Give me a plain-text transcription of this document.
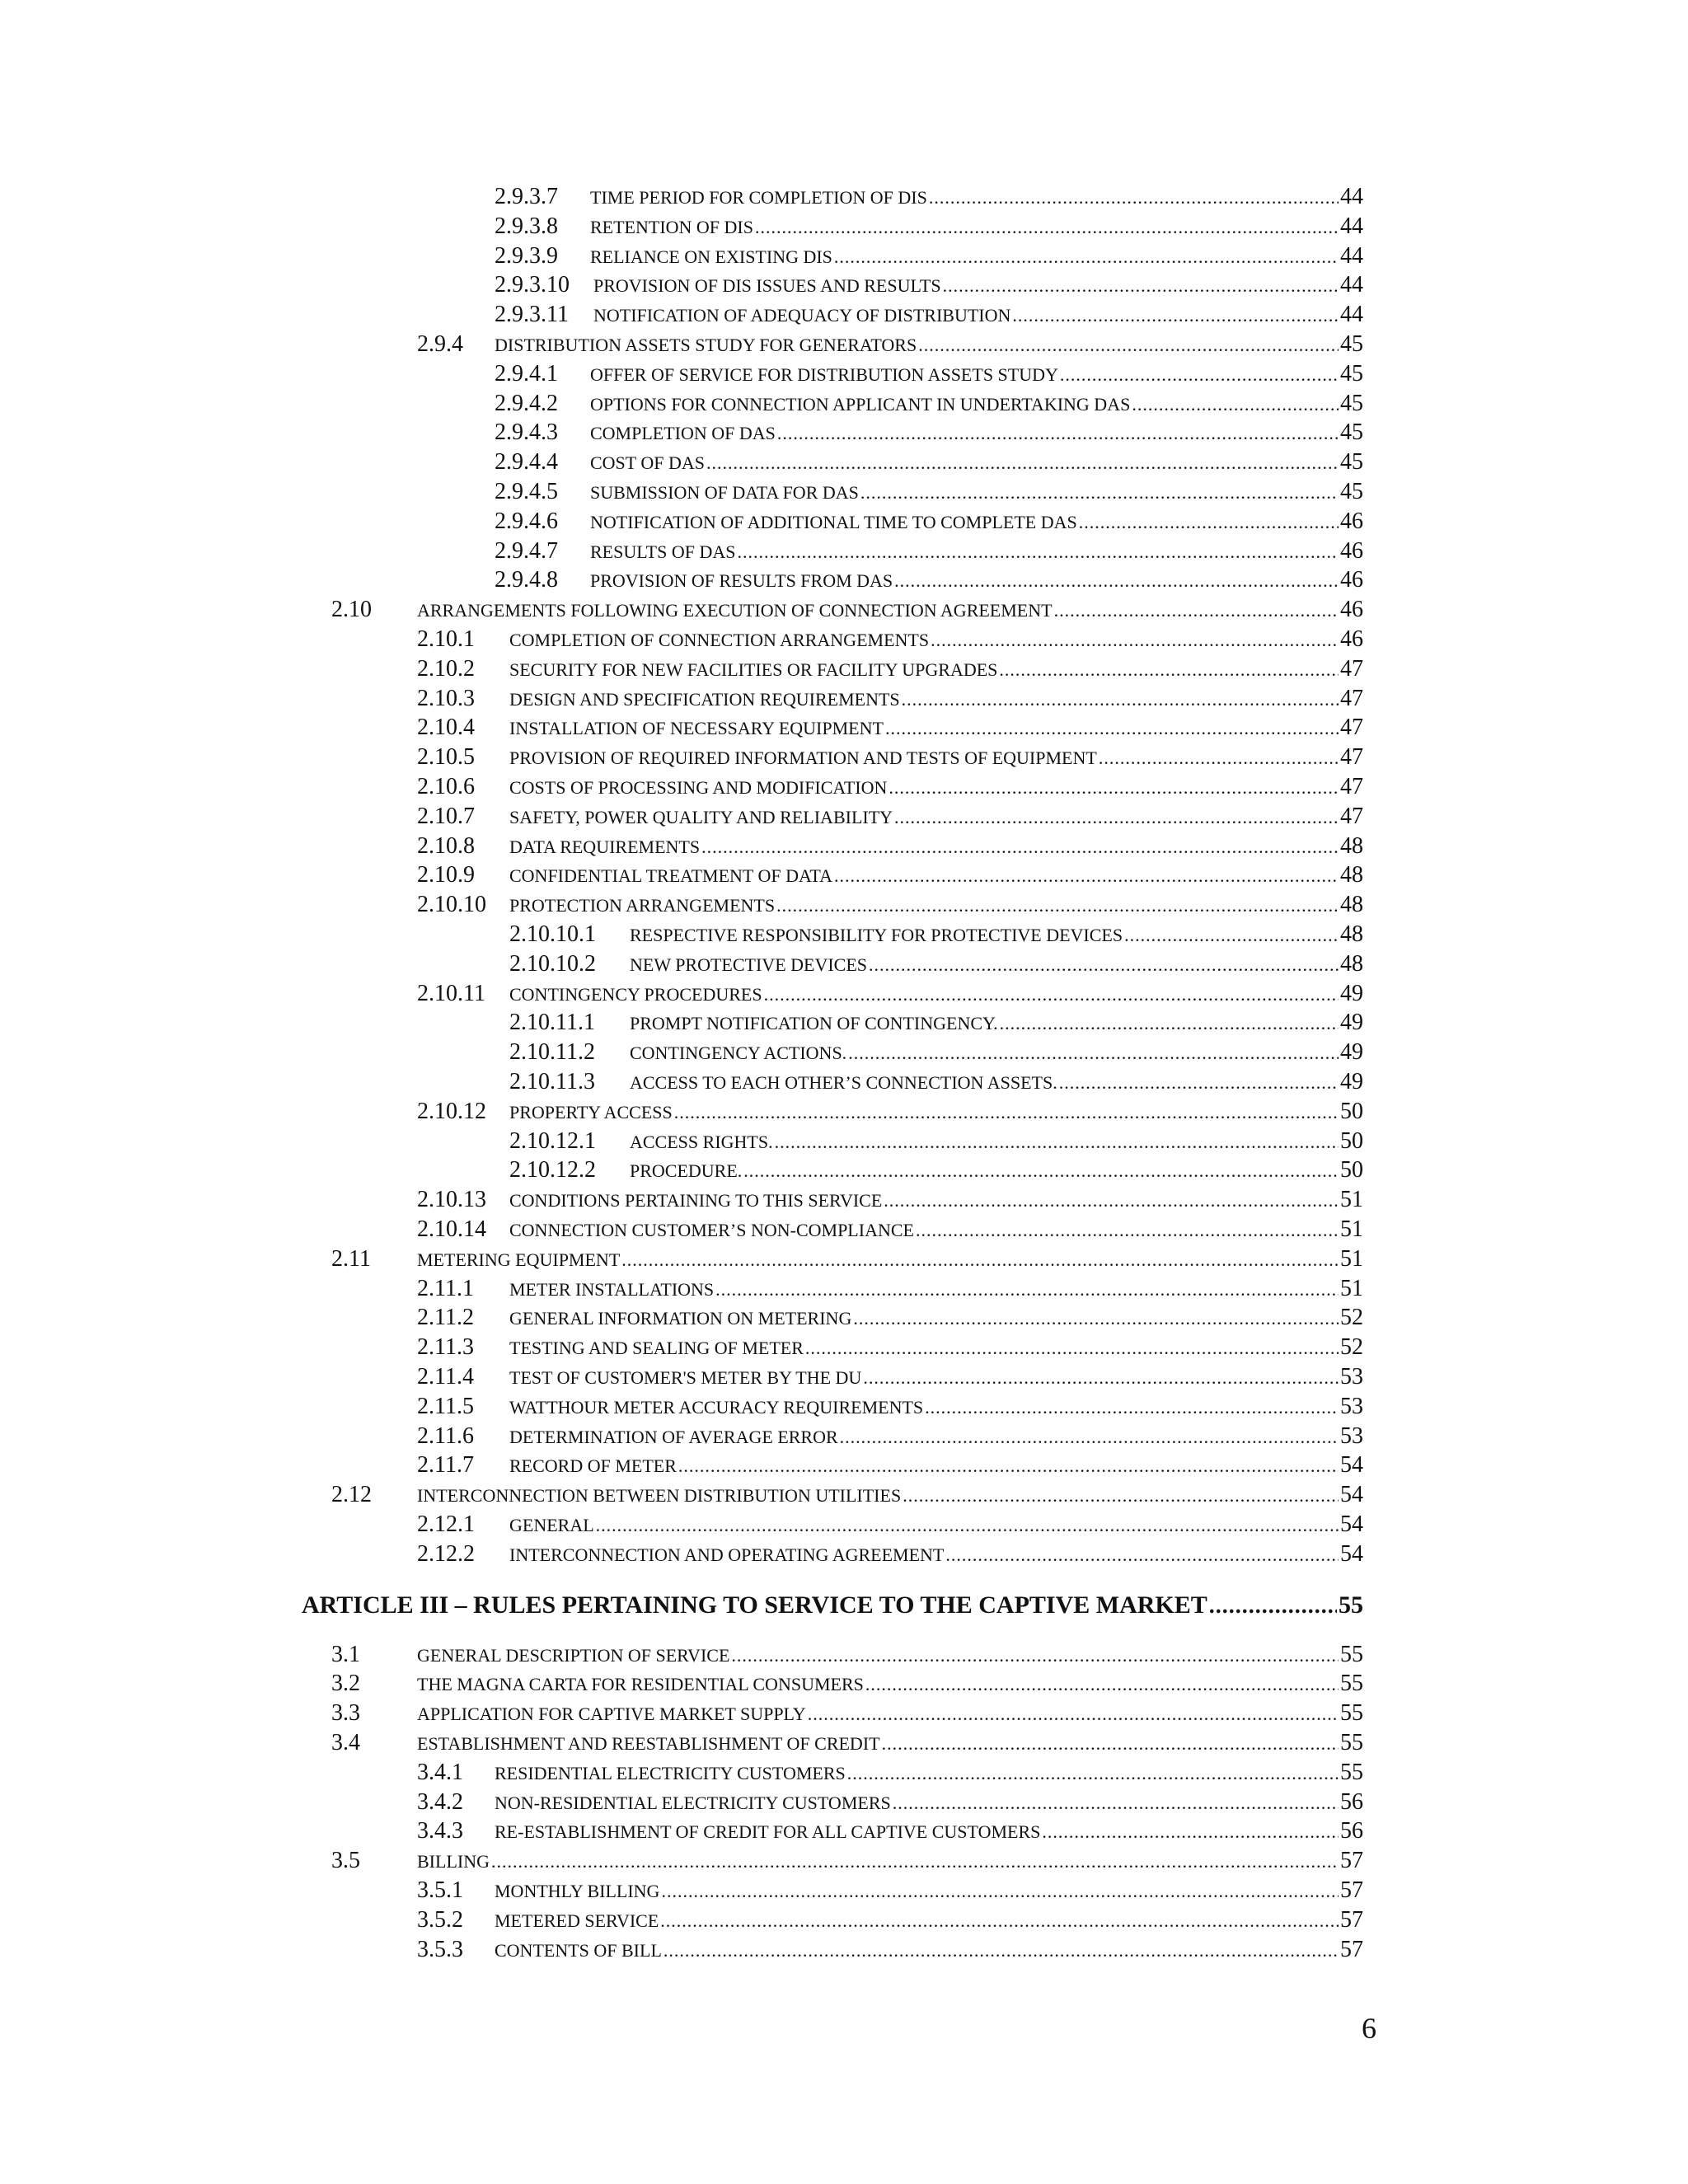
2.9.3.7 TIME PERIOD FOR COMPLETION OF DIS .....	44
2.9.3.8 RETENTION OF DIS .....	44
2.9.3.9 RELIANCE ON EXISTING DIS .....	44
2.9.3.10 PROVISION OF DIS ISSUES AND RESULTS .....	44
2.9.3.11 NOTIFICATION OF ADEQUACY OF DISTRIBUTION .....	44
2.9.4 DISTRIBUTION ASSETS STUDY FOR GENERATORS .....	45
2.9.4.1 OFFER OF SERVICE FOR DISTRIBUTION ASSETS STUDY .....	45
2.9.4.2 OPTIONS FOR CONNECTION APPLICANT IN UNDERTAKING DAS .....	45
2.9.4.3 COMPLETION OF DAS .....	45
2.9.4.4 COST OF DAS .....	45
2.9.4.5 SUBMISSION OF DATA FOR DAS .....	45
2.9.4.6 NOTIFICATION OF ADDITIONAL TIME TO COMPLETE DAS .....	46
2.9.4.7 RESULTS OF DAS .....	46
2.9.4.8 PROVISION OF RESULTS FROM DAS .....	46
2.10	ARRANGEMENTS FOLLOWING EXECUTION OF CONNECTION AGREEMENT .....	46
2.10.1 COMPLETION OF CONNECTION ARRANGEMENTS .....	46
2.10.2 SECURITY FOR NEW FACILITIES OR FACILITY UPGRADES .....	47
2.10.3 DESIGN AND SPECIFICATION REQUIREMENTS .....	47
2.10.4 INSTALLATION OF NECESSARY EQUIPMENT .....	47
2.10.5 PROVISION OF REQUIRED INFORMATION AND TESTS OF EQUIPMENT .....	47
2.10.6 COSTS OF PROCESSING AND MODIFICATION .....	47
2.10.7 SAFETY, POWER QUALITY AND RELIABILITY .....	47
2.10.8 DATA REQUIREMENTS .....	48
2.10.9 CONFIDENTIAL TREATMENT OF DATA .....	48
2.10.10 PROTECTION ARRANGEMENTS .....	48
2.10.10.1 RESPECTIVE RESPONSIBILITY FOR PROTECTIVE DEVICES .....	48
2.10.10.2 NEW PROTECTIVE DEVICES .....	48
2.10.11 CONTINGENCY PROCEDURES .....	49
2.10.11.1 PROMPT NOTIFICATION OF CONTINGENCY. .....	49
2.10.11.2 CONTINGENCY ACTIONS. .....	49
2.10.11.3 ACCESS TO EACH OTHER’S CONNECTION ASSETS. .....	49
2.10.12 PROPERTY ACCESS .....	50
2.10.12.1 ACCESS RIGHTS. .....	50
2.10.12.2 PROCEDURE. .....	50
2.10.13 CONDITIONS PERTAINING TO THIS SERVICE .....	51
2.10.14 CONNECTION CUSTOMER’S NON-COMPLIANCE .....	51
2.11	METERING EQUIPMENT .....	51
2.11.1 METER INSTALLATIONS .....	51
2.11.2 GENERAL INFORMATION ON METERING .....	52
2.11.3 TESTING AND SEALING OF METER .....	52
2.11.4 TEST OF CUSTOMER'S METER BY THE DU .....	53
2.11.5 WATTHOUR METER ACCURACY REQUIREMENTS .....	53
2.11.6 DETERMINATION OF AVERAGE ERROR .....	53
2.11.7 RECORD OF METER .....	54
2.12	INTERCONNECTION BETWEEN DISTRIBUTION UTILITIES .....	54
2.12.1 GENERAL .....	54
2.12.2 INTERCONNECTION AND OPERATING AGREEMENT .....	54
ARTICLE III – RULES PERTAINING TO SERVICE TO THE CAPTIVE MARKET .....	55
3.1	GENERAL DESCRIPTION OF SERVICE .....	55
3.2	THE MAGNA CARTA FOR RESIDENTIAL CONSUMERS .....	55
3.3	APPLICATION FOR CAPTIVE MARKET SUPPLY .....	55
3.4	ESTABLISHMENT AND REESTABLISHMENT OF CREDIT .....	55
3.4.1 RESIDENTIAL ELECTRICITY CUSTOMERS .....	55
3.4.2 NON-RESIDENTIAL ELECTRICITY CUSTOMERS .....	56
3.4.3 RE-ESTABLISHMENT OF CREDIT FOR ALL CAPTIVE CUSTOMERS .....	56
3.5	BILLING .....	57
3.5.1 MONTHLY BILLING .....	57
3.5.2 METERED SERVICE .....	57
3.5.3 CONTENTS OF BILL .....	57
6
